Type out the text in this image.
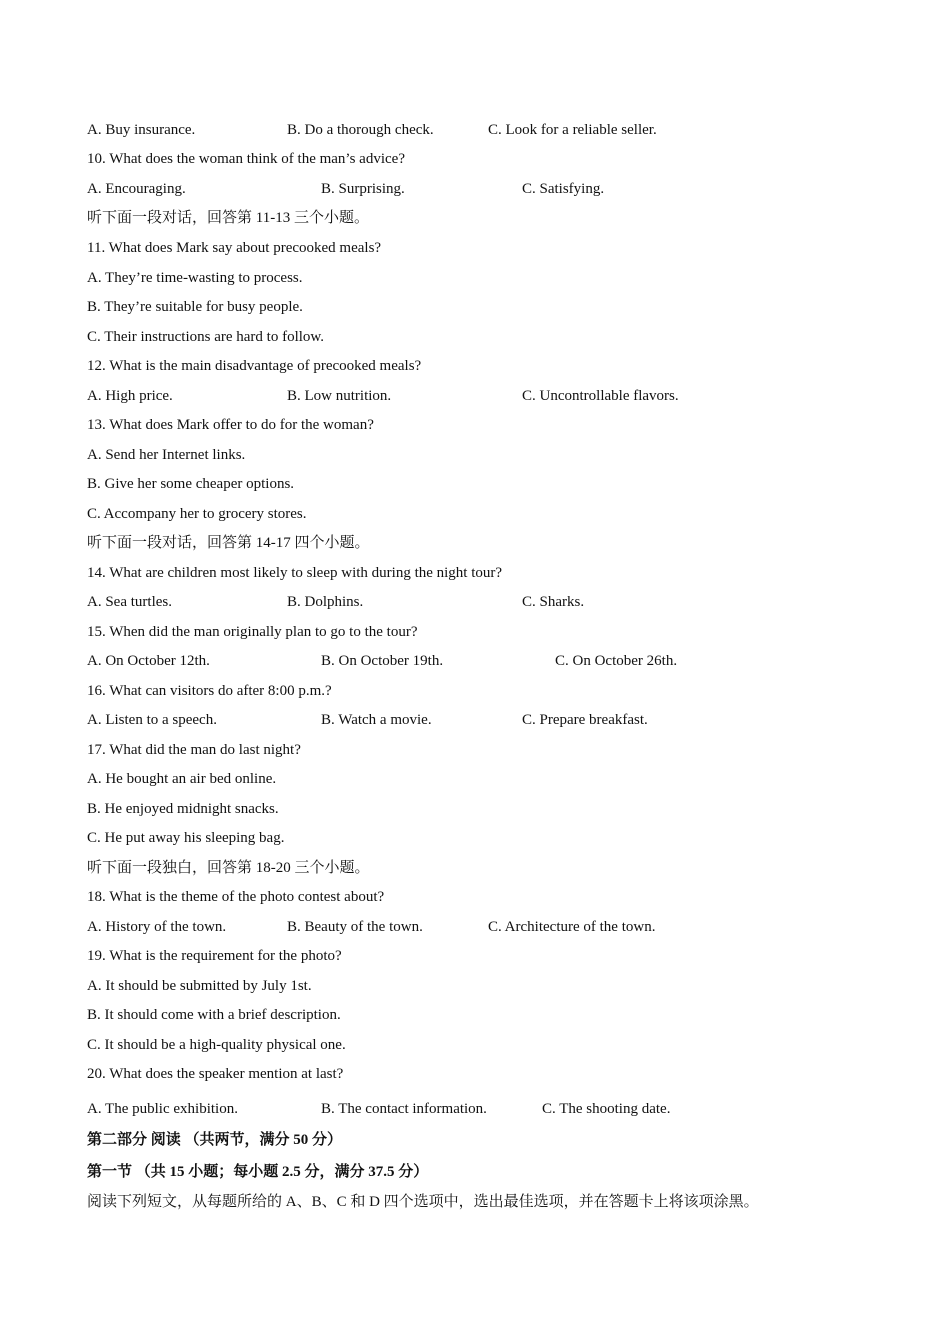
A. Buy insurance.	B. Do a thorough check.	C. Look for a reliable seller.
10. What does the woman think of the man’s advice?
A. Encouraging.	B. Surprising.	C. Satisfying.
听下面一段对话，回答第 11-13 三个小题。
11. What does Mark say about precooked meals?
A. They’re time-wasting to process.
B. They’re suitable for busy people.
C. Their instructions are hard to follow.
12. What is the main disadvantage of precooked meals?
A. High price.	B. Low nutrition.	C. Uncontrollable flavors.
13. What does Mark offer to do for the woman?
A. Send her Internet links.
B. Give her some cheaper options.
C. Accompany her to grocery stores.
听下面一段对话，回答第 14-17 四个小题。
14. What are children most likely to sleep with during the night tour?
A. Sea turtles.	B. Dolphins.	C. Sharks.
15. When did the man originally plan to go to the tour?
A. On October 12th.	B. On October 19th.	C. On October 26th.
16. What can visitors do after 8:00 p.m.?
A. Listen to a speech.	B. Watch a movie.	C. Prepare breakfast.
17. What did the man do last night?
A. He bought an air bed online.
B. He enjoyed midnight snacks.
C. He put away his sleeping bag.
听下面一段独白，回答第 18-20 三个小题。
18. What is the theme of the photo contest about?
A. History of the town.	B. Beauty of the town.	C. Architecture of the town.
19. What is the requirement for the photo?
A. It should be submitted by July 1st.
B. It should come with a brief description.
C. It should be a high-quality physical one.
20. What does the speaker mention at last?
A. The public exhibition.	B. The contact information.	C. The shooting date.
第二部分 阅读 （共两节，满分 50 分）
第一节 （共 15 小题；每小题 2.5 分，满分 37.5 分）
阅读下列短文，从每题所给的 A、B、C 和 D 四个选项中，选出最佳选项，并在答题卡上将该项涂黑。
